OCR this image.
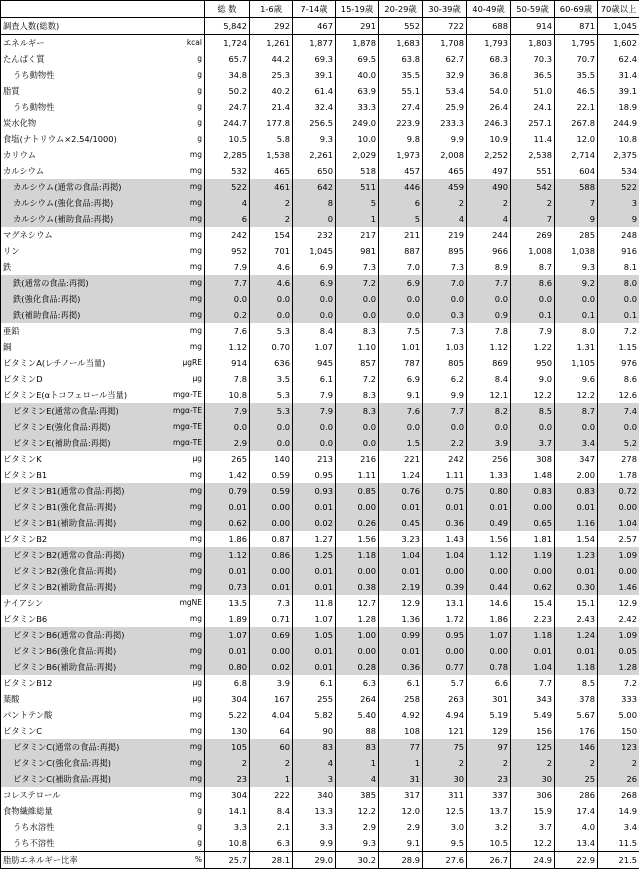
		総 数	1-6歳	7-14歳	15-19歳	20-29歳	30-39歳	40-49歳	50-59歳	60-69歳	70歳以上
調査人数(総数)		5,842	292	467	291	552	722	688	914	871	1,045
エネルギー	kcal	1,724	1,261	1,877	1,878	1,683	1,708	1,793	1,803	1,795	1,602
たんぱく質	g	65.7	44.2	69.3	69.5	63.8	62.7	68.3	70.3	70.7	62.4
うち動物性	g	34.8	25.3	39.1	40.0	35.5	32.9	36.8	36.5	35.5	31.4
脂質	g	50.2	40.2	61.4	63.9	55.1	53.4	54.0	51.0	46.5	39.1
うち動物性	g	24.7	21.4	32.4	33.3	27.4	25.9	26.4	24.1	22.1	18.9
炭水化物	g	244.7	177.8	256.5	249.0	223.9	233.3	246.3	257.1	267.8	244.9
食塩(ナトリウム×2.54/1000)	g	10.5	5.8	9.3	10.0	9.8	9.9	10.9	11.4	12.0	10.8
カリウム	mg	2,285	1,538	2,261	2,029	1,973	2,008	2,252	2,538	2,714	2,375
カルシウム	mg	532	465	650	518	457	465	497	551	604	534
カルシウム(通常の食品:再掲)	mg	522	461	642	511	446	459	490	542	588	522
カルシウム(強化食品:再掲)	mg	4	2	8	5	6	2	2	2	7	3
カルシウム(補助食品:再掲)	mg	6	2	0	1	5	4	4	7	9	9
マグネシウム	mg	242	154	232	217	211	219	244	269	285	248
リン	mg	952	701	1,045	981	887	895	966	1,008	1,038	916
鉄	mg	7.9	4.6	6.9	7.3	7.0	7.3	8.9	8.7	9.3	8.1
鉄(通常の食品:再掲)	mg	7.7	4.6	6.9	7.2	6.9	7.0	7.7	8.6	9.2	8.0
鉄(強化食品:再掲)	mg	0.0	0.0	0.0	0.0	0.0	0.0	0.0	0.0	0.0	0.0
鉄(補助食品:再掲)	mg	0.2	0.0	0.0	0.0	0.0	0.3	0.9	0.1	0.1	0.1
亜鉛	mg	7.6	5.3	8.4	8.3	7.5	7.3	7.8	7.9	8.0	7.2
銅	mg	1.12	0.70	1.07	1.10	1.01	1.03	1.12	1.22	1.31	1.15
ビタミンA(レチノール当量)	μgRE	914	636	945	857	787	805	869	950	1,105	976
ビタミンD	μg	7.8	3.5	6.1	7.2	6.9	6.2	8.4	9.0	9.6	8.6
ビタミンE(αトコフェロール当量)	mgα-TE	10.8	5.3	7.9	8.3	9.1	9.9	12.1	12.2	12.2	12.6
ビタミンE(通常の食品:再掲)	mgα-TE	7.9	5.3	7.9	8.3	7.6	7.7	8.2	8.5	8.7	7.4
ビタミンE(強化食品:再掲)	mgα-TE	0.0	0.0	0.0	0.0	0.0	0.0	0.0	0.0	0.0	0.0
ビタミンE(補助食品:再掲)	mgα-TE	2.9	0.0	0.0	0.0	1.5	2.2	3.9	3.7	3.4	5.2
ビタミンK	μg	265	140	213	216	221	242	256	308	347	278
ビタミンB1	mg	1.42	0.59	0.95	1.11	1.24	1.11	1.33	1.48	2.00	1.78
ビタミンB1(通常の食品:再掲)	mg	0.79	0.59	0.93	0.85	0.76	0.75	0.80	0.83	0.83	0.72
ビタミンB1(強化食品:再掲)	mg	0.01	0.00	0.01	0.00	0.01	0.01	0.01	0.00	0.01	0.00
ビタミンB1(補助食品:再掲)	mg	0.62	0.00	0.02	0.26	0.45	0.36	0.49	0.65	1.16	1.04
ビタミンB2	mg	1.86	0.87	1.27	1.56	3.23	1.43	1.56	1.81	1.54	2.57
ビタミンB2(通常の食品:再掲)	mg	1.12	0.86	1.25	1.18	1.04	1.04	1.12	1.19	1.23	1.09
ビタミンB2(強化食品:再掲)	mg	0.01	0.00	0.01	0.00	0.01	0.00	0.00	0.00	0.01	0.00
ビタミンB2(補助食品:再掲)	mg	0.73	0.01	0.01	0.38	2.19	0.39	0.44	0.62	0.30	1.46
ナイアシン	mgNE	13.5	7.3	11.8	12.7	12.9	13.1	14.6	15.4	15.1	12.9
ビタミンB6	mg	1.89	0.71	1.07	1.28	1.36	1.72	1.86	2.23	2.43	2.42
ビタミンB6(通常の食品:再掲)	mg	1.07	0.69	1.05	1.00	0.99	0.95	1.07	1.18	1.24	1.09
ビタミンB6(強化食品:再掲)	mg	0.01	0.00	0.01	0.00	0.01	0.00	0.00	0.01	0.01	0.05
ビタミンB6(補助食品:再掲)	mg	0.80	0.02	0.01	0.28	0.36	0.77	0.78	1.04	1.18	1.28
ビタミンB12	μg	6.8	3.9	6.1	6.3	6.1	5.7	6.6	7.7	8.5	7.2
葉酸	μg	304	167	255	264	258	263	301	343	378	333
パントテン酸	mg	5.22	4.04	5.82	5.40	4.92	4.94	5.19	5.49	5.67	5.00
ビタミンC	mg	130	64	90	88	108	121	129	156	176	150
ビタミンC(通常の食品:再掲)	mg	105	60	83	83	77	75	97	125	146	123
ビタミンC(強化食品:再掲)	mg	2	2	4	1	1	2	2	2	2	2
ビタミンC(補助食品:再掲)	mg	23	1	3	4	31	30	23	30	25	26
コレステロール	mg	304	222	340	385	317	311	337	306	286	268
食物繊維総量	g	14.1	8.4	13.3	12.2	12.0	12.5	13.7	15.9	17.4	14.9
うち水溶性	g	3.3	2.1	3.3	2.9	2.9	3.0	3.2	3.7	4.0	3.4
うち不溶性	g	10.8	6.3	9.9	9.3	9.1	9.5	10.5	12.2	13.4	11.5
脂肪エネルギー比率	%	25.7	28.1	29.0	30.2	28.9	27.6	26.7	24.9	22.9	21.5
